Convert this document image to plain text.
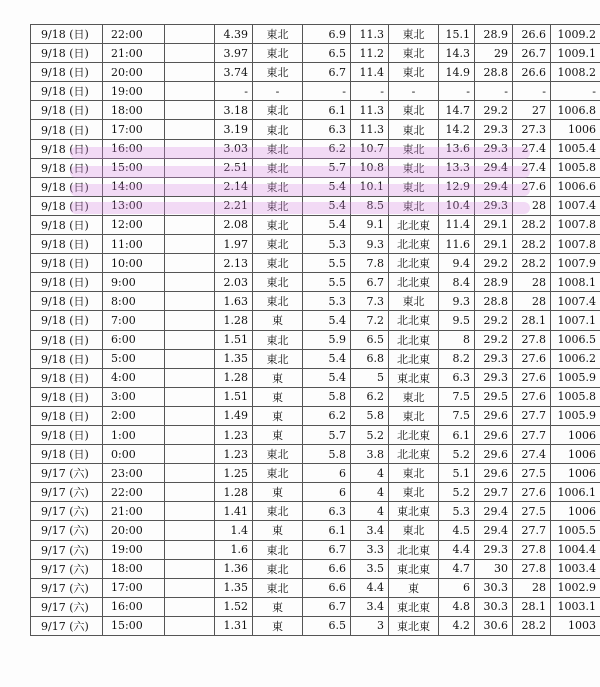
9/18 (日)	22:00		4.39	東北	6.9	11.3	東北	15.1	28.9	26.6	1009.2
9/18 (日)	21:00		3.97	東北	6.5	11.2	東北	14.3	29	26.7	1009.1
9/18 (日)	20:00		3.74	東北	6.7	11.4	東北	14.9	28.8	26.6	1008.2
9/18 (日)	19:00		-	-	-	-	-	-	-	-	-
9/18 (日)	18:00		3.18	東北	6.1	11.3	東北	14.7	29.2	27	1006.8
9/18 (日)	17:00		3.19	東北	6.3	11.3	東北	14.2	29.3	27.3	1006
9/18 (日)	16:00		3.03	東北	6.2	10.7	東北	13.6	29.3	27.4	1005.4
9/18 (日)	15:00		2.51	東北	5.7	10.8	東北	13.3	29.4	27.4	1005.8
9/18 (日)	14:00		2.14	東北	5.4	10.1	東北	12.9	29.4	27.6	1006.6
9/18 (日)	13:00		2.21	東北	5.4	8.5	東北	10.4	29.3	28	1007.4
9/18 (日)	12:00		2.08	東北	5.4	9.1	北北東	11.4	29.1	28.2	1007.8
9/18 (日)	11:00		1.97	東北	5.3	9.3	北北東	11.6	29.1	28.2	1007.8
9/18 (日)	10:00		2.13	東北	5.5	7.8	北北東	9.4	29.2	28.2	1007.9
9/18 (日)	9:00		2.03	東北	5.5	6.7	北北東	8.4	28.9	28	1008.1
9/18 (日)	8:00		1.63	東北	5.3	7.3	東北	9.3	28.8	28	1007.4
9/18 (日)	7:00		1.28	東	5.4	7.2	北北東	9.5	29.2	28.1	1007.1
9/18 (日)	6:00		1.51	東北	5.9	6.5	北北東	8	29.2	27.8	1006.5
9/18 (日)	5:00		1.35	東北	5.4	6.8	北北東	8.2	29.3	27.6	1006.2
9/18 (日)	4:00		1.28	東	5.4	5	東北東	6.3	29.3	27.6	1005.9
9/18 (日)	3:00		1.51	東	5.8	6.2	東北	7.5	29.5	27.6	1005.8
9/18 (日)	2:00		1.49	東	6.2	5.8	東北	7.5	29.6	27.7	1005.9
9/18 (日)	1:00		1.23	東	5.7	5.2	北北東	6.1	29.6	27.7	1006
9/18 (日)	0:00		1.23	東北	5.8	3.8	北北東	5.2	29.6	27.4	1006
9/17 (六)	23:00		1.25	東北	6	4	東北	5.1	29.6	27.5	1006
9/17 (六)	22:00		1.28	東	6	4	東北	5.2	29.7	27.6	1006.1
9/17 (六)	21:00		1.41	東北	6.3	4	東北東	5.3	29.4	27.5	1006
9/17 (六)	20:00		1.4	東	6.1	3.4	東北	4.5	29.4	27.7	1005.5
9/17 (六)	19:00		1.6	東北	6.7	3.3	北北東	4.4	29.3	27.8	1004.4
9/17 (六)	18:00		1.36	東北	6.6	3.5	東北東	4.7	30	27.8	1003.4
9/17 (六)	17:00		1.35	東北	6.6	4.4	東	6	30.3	28	1002.9
9/17 (六)	16:00		1.52	東	6.7	3.4	東北東	4.8	30.3	28.1	1003.1
9/17 (六)	15:00		1.31	東	6.5	3	東北東	4.2	30.6	28.2	1003
